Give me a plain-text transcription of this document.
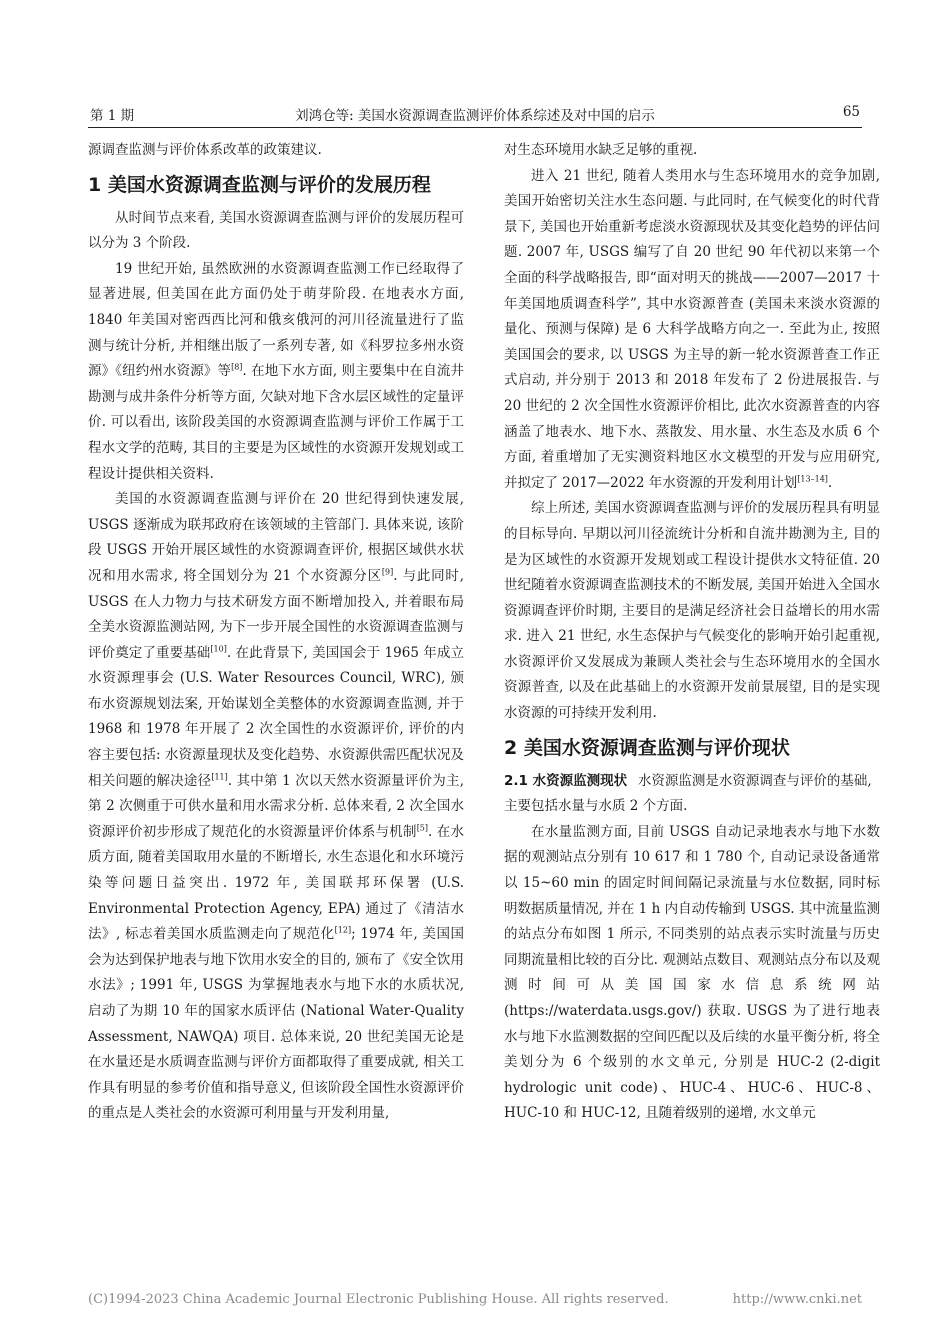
第 1 期	刘鸿仓等: 美国水资源调查监测评价体系综述及对中国的启示	65

源调查监测与评价体系改革的政策建议.

1 美国水资源调查监测与评价的发展历程

从时间节点来看, 美国水资源调查监测与评价的发展历程可以分为 3 个阶段.

19 世纪开始, 虽然欧洲的水资源调查监测工作已经取得了显著进展, 但美国在此方面仍处于萌芽阶段. 在地表水方面, 1840 年美国对密西西比河和俄亥俄河的河川径流量进行了监测与统计分析, 并相继出版了一系列专著, 如《科罗拉多州水资源》《纽约州水资源》等[8]. 在地下水方面, 则主要集中在自流井勘测与成井条件分析等方面, 欠缺对地下含水层区域性的定量评价. 可以看出, 该阶段美国的水资源调查监测与评价工作属于工程水文学的范畴, 其目的主要是为区域性的水资源开发规划或工程设计提供相关资料.

美国的水资源调查监测与评价在 20 世纪得到快速发展, USGS 逐渐成为联邦政府在该领域的主管部门. 具体来说, 该阶段 USGS 开始开展区域性的水资源调查评价, 根据区域供水状况和用水需求, 将全国划分为 21 个水资源分区[9]. 与此同时, USGS 在人力物力与技术研发方面不断增加投入, 并着眼布局全美水资源监测站网, 为下一步开展全国性的水资源调查监测与评价奠定了重要基础[10]. 在此背景下, 美国国会于 1965 年成立水资源理事会 (U.S. Water Resources Council, WRC), 颁布水资源规划法案, 开始谋划全美整体的水资源调查监测, 并于 1968 和 1978 年开展了 2 次全国性的水资源评价, 评价的内容主要包括: 水资源量现状及变化趋势、水资源供需匹配状况及相关问题的解决途径[11]. 其中第 1 次以天然水资源量评价为主, 第 2 次侧重于可供水量和用水需求分析. 总体来看, 2 次全国水资源评价初步形成了规范化的水资源量评价体系与机制[5]. 在水质方面, 随着美国取用水量的不断增长, 水生态退化和水环境污染等问题日益突出. 1972 年, 美国联邦环保署 (U.S. Environmental Protection Agency, EPA) 通过了《清洁水法》, 标志着美国水质监测走向了规范化[12]; 1974 年, 美国国会为达到保护地表与地下饮用水安全的目的, 颁布了《安全饮用水法》; 1991 年, USGS 为掌握地表水与地下水的水质状况, 启动了为期 10 年的国家水质评估 (National Water-Quality Assessment, NAWQA) 项目. 总体来说, 20 世纪美国无论是在水量还是水质调查监测与评价方面都取得了重要成就, 相关工作具有明显的参考价值和指导意义, 但该阶段全国性水资源评价的重点是人类社会的水资源可利用量与开发利用量,

对生态环境用水缺乏足够的重视.

进入 21 世纪, 随着人类用水与生态环境用水的竞争加剧, 美国开始密切关注水生态问题. 与此同时, 在气候变化的时代背景下, 美国也开始重新考虑淡水资源现状及其变化趋势的评估问题. 2007 年, USGS 编写了自 20 世纪 90 年代初以来第一个全面的科学战略报告, 即“面对明天的挑战——2007—2017 十年美国地质调查科学”, 其中水资源普查 (美国未来淡水资源的量化、预测与保障) 是 6 大科学战略方向之一. 至此为止, 按照美国国会的要求, 以 USGS 为主导的新一轮水资源普查工作正式启动, 并分别于 2013 和 2018 年发布了 2 份进展报告. 与 20 世纪的 2 次全国性水资源评价相比, 此次水资源普查的内容涵盖了地表水、地下水、蒸散发、用水量、水生态及水质 6 个方面, 着重增加了无实测资料地区水文模型的开发与应用研究, 并拟定了 2017—2022 年水资源的开发利用计划[13–14].

综上所述, 美国水资源调查监测与评价的发展历程具有明显的目标导向. 早期以河川径流统计分析和自流井勘测为主, 目的是为区域性的水资源开发规划或工程设计提供水文特征值. 20 世纪随着水资源调查监测技术的不断发展, 美国开始进入全国水资源调查评价时期, 主要目的是满足经济社会日益增长的用水需求. 进入 21 世纪, 水生态保护与气候变化的影响开始引起重视, 水资源评价又发展成为兼顾人类社会与生态环境用水的全国水资源普查, 以及在此基础上的水资源开发前景展望, 目的是实现水资源的可持续开发利用.

2 美国水资源调查监测与评价现状

2.1 水资源监测现状 水资源监测是水资源调查与评价的基础, 主要包括水量与水质 2 个方面.

在水量监测方面, 目前 USGS 自动记录地表水与地下水数据的观测站点分别有 10 617 和 1 780 个, 自动记录设备通常以 15~60 min 的固定时间间隔记录流量与水位数据, 同时标明数据质量情况, 并在 1 h 内自动传输到 USGS. 其中流量监测的站点分布如图 1 所示, 不同类别的站点表示实时流量与历史同期流量相比较的百分比. 观测站点数目、观测站点分布以及观测时间可从美国国家水信息系统网站 (https://waterdata.usgs.gov/) 获取. USGS 为了进行地表水与地下水监测数据的空间匹配以及后续的水量平衡分析, 将全美划分为 6 个级别的水文单元, 分别是 HUC-2 (2-digit hydrologic unit code)、HUC-4、HUC-6、HUC-8、HUC-10 和 HUC-12, 且随着级别的递增, 水文单元

(C)1994-2023 China Academic Journal Electronic Publishing House. All rights reserved.	http://www.cnki.net
